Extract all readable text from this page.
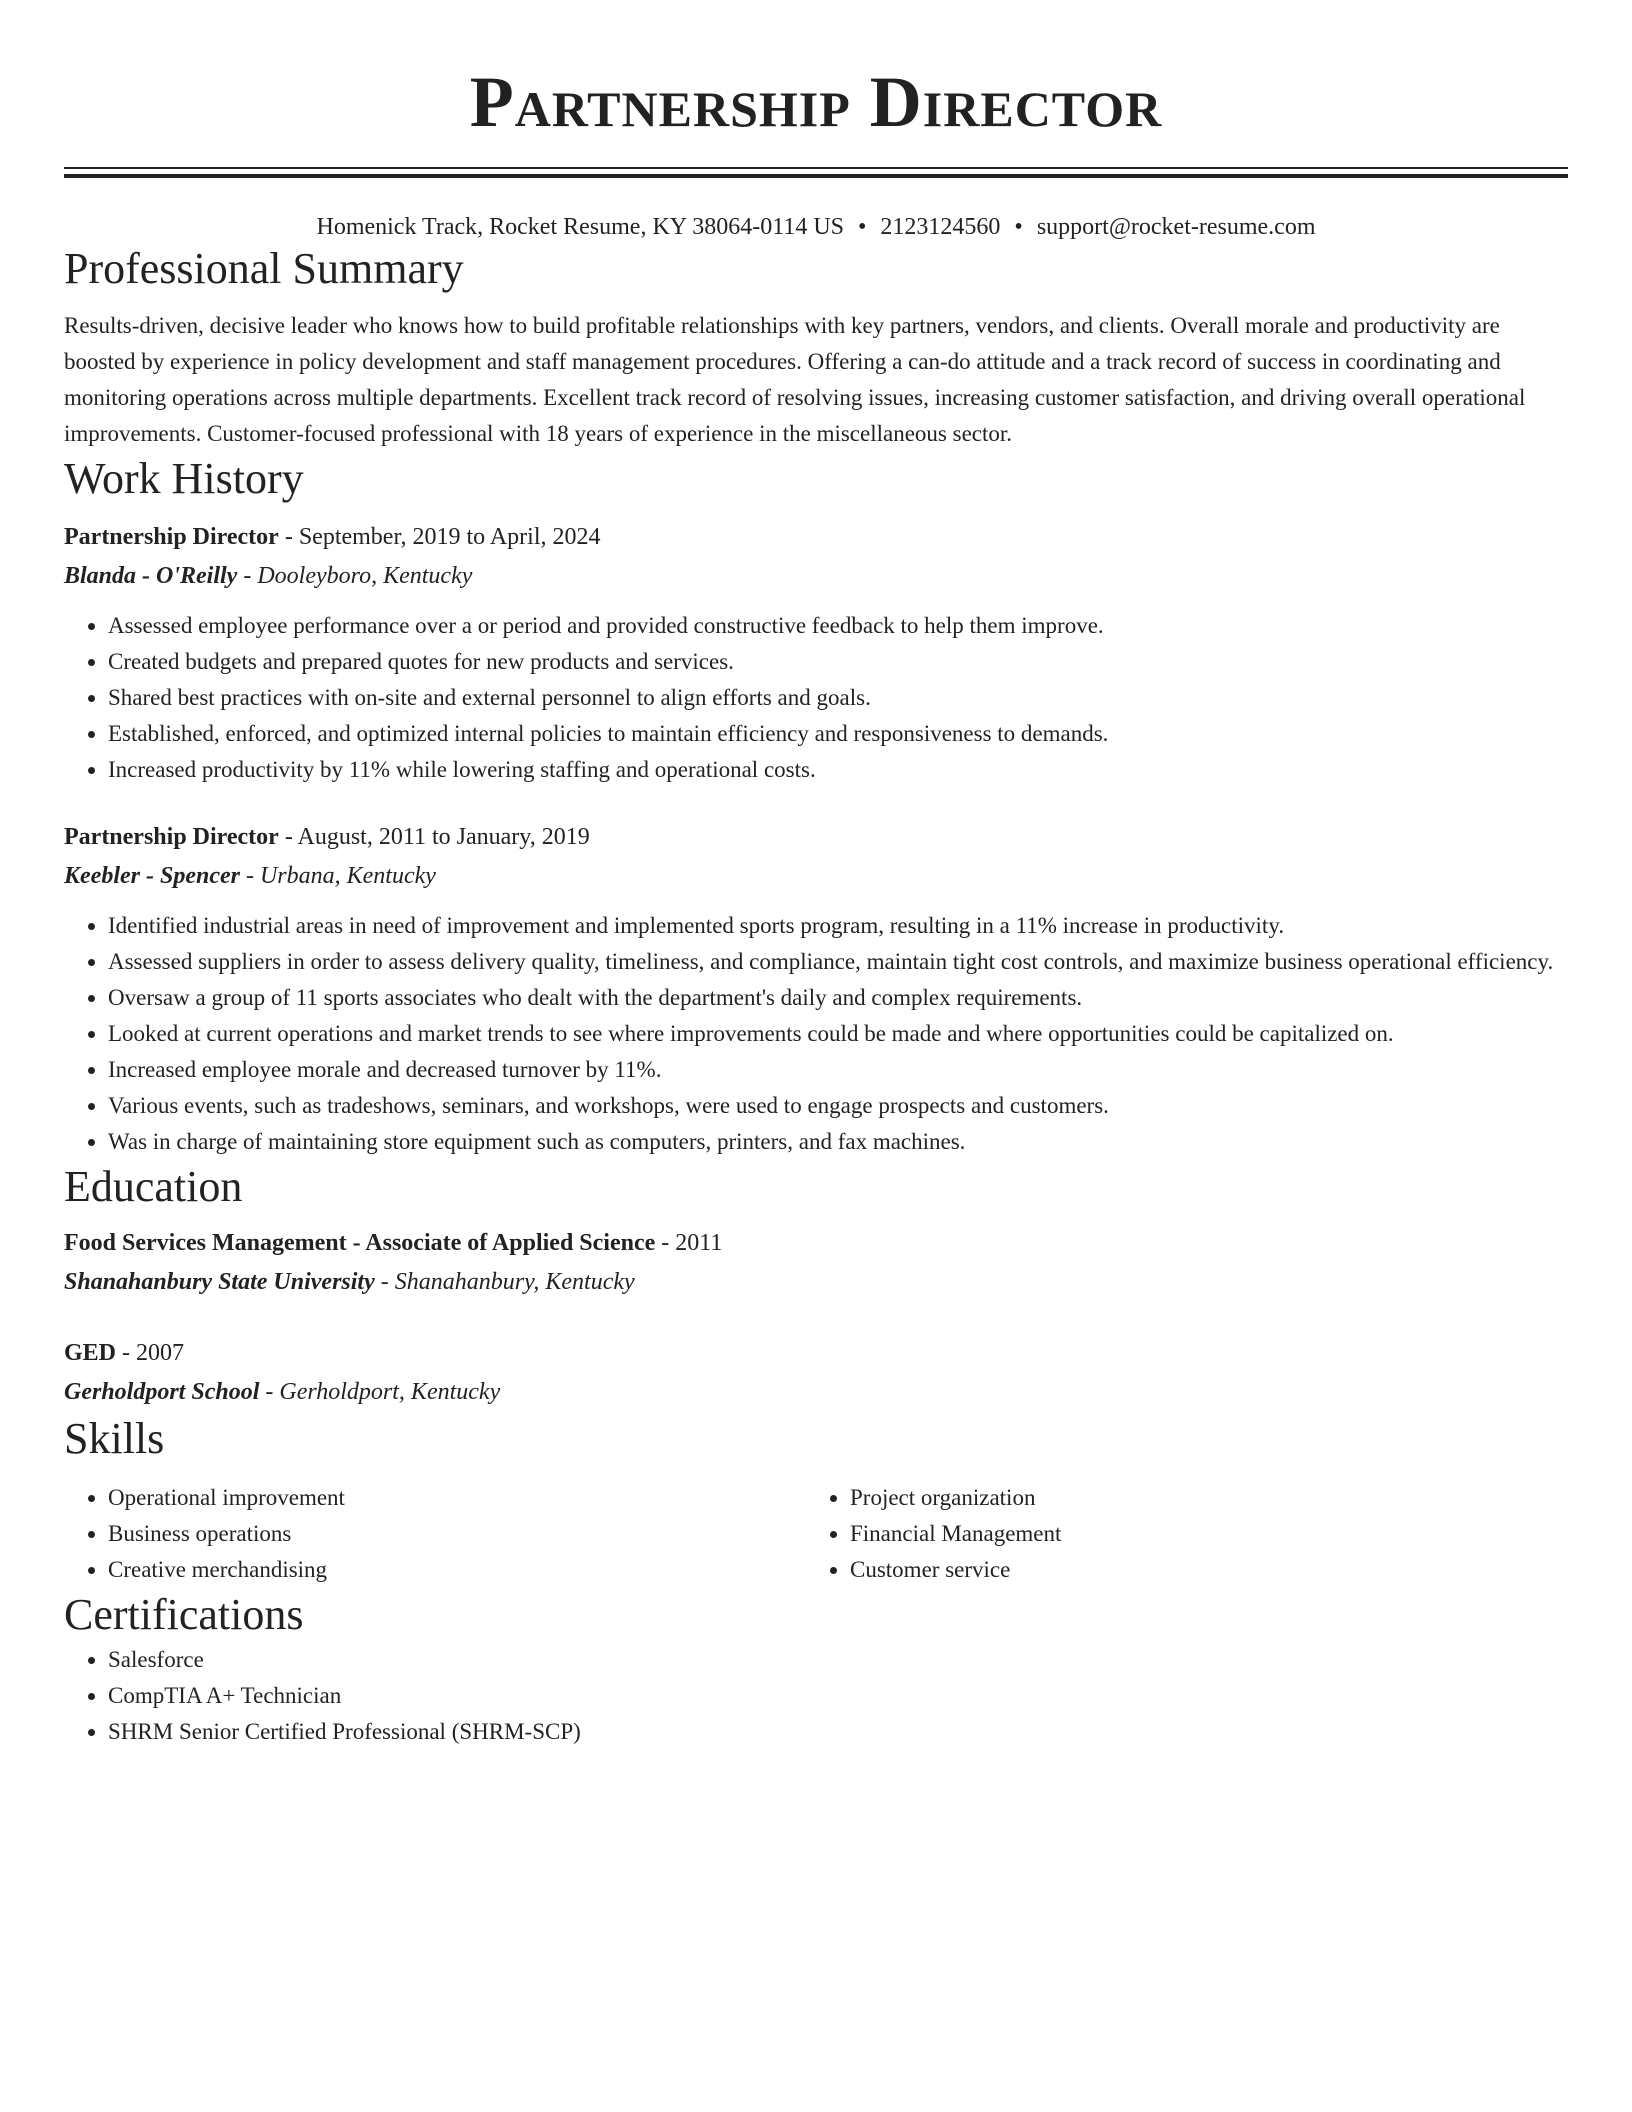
Partnership Director
Homenick Track, Rocket Resume, KY 38064-0114 US • 2123124560 • support@rocket-resume.com
Professional Summary

Results-driven, decisive leader who knows how to build profitable relationships with key partners, vendors, and clients. Overall morale and productivity are boosted by experience in policy development and staff management procedures. Offering a can-do attitude and a track record of success in coordinating and monitoring operations across multiple departments. Excellent track record of resolving issues, increasing customer satisfaction, and driving overall operational improvements. Customer-focused professional with 18 years of experience in the miscellaneous sector.

Work History
Partnership Director - September, 2019 to April, 2024
Blanda - O'Reilly - Dooleyboro, Kentucky
• Assessed employee performance over a or period and provided constructive feedback to help them improve.
• Created budgets and prepared quotes for new products and services.
• Shared best practices with on-site and external personnel to align efforts and goals.
• Established, enforced, and optimized internal policies to maintain efficiency and responsiveness to demands.
• Increased productivity by 11% while lowering staffing and operational costs.
Partnership Director - August, 2011 to January, 2019
Keebler - Spencer - Urbana, Kentucky
• Identified industrial areas in need of improvement and implemented sports program, resulting in a 11% increase in productivity.
• Assessed suppliers in order to assess delivery quality, timeliness, and compliance, maintain tight cost controls, and maximize business operational efficiency.
• Oversaw a group of 11 sports associates who dealt with the department's daily and complex requirements.
• Looked at current operations and market trends to see where improvements could be made and where opportunities could be capitalized on.
• Increased employee morale and decreased turnover by 11%.
• Various events, such as tradeshows, seminars, and workshops, were used to engage prospects and customers.
• Was in charge of maintaining store equipment such as computers, printers, and fax machines.
Education
Food Services Management - Associate of Applied Science - 2011
Shanahanbury State University - Shanahanbury, Kentucky
GED - 2007
Gerholdport School - Gerholdport, Kentucky
Skills
• Operational improvement
• Business operations
• Creative merchandising
• Project organization
• Financial Management
• Customer service
Certifications
• Salesforce
• CompTIA A+ Technician
• SHRM Senior Certified Professional (SHRM-SCP)
